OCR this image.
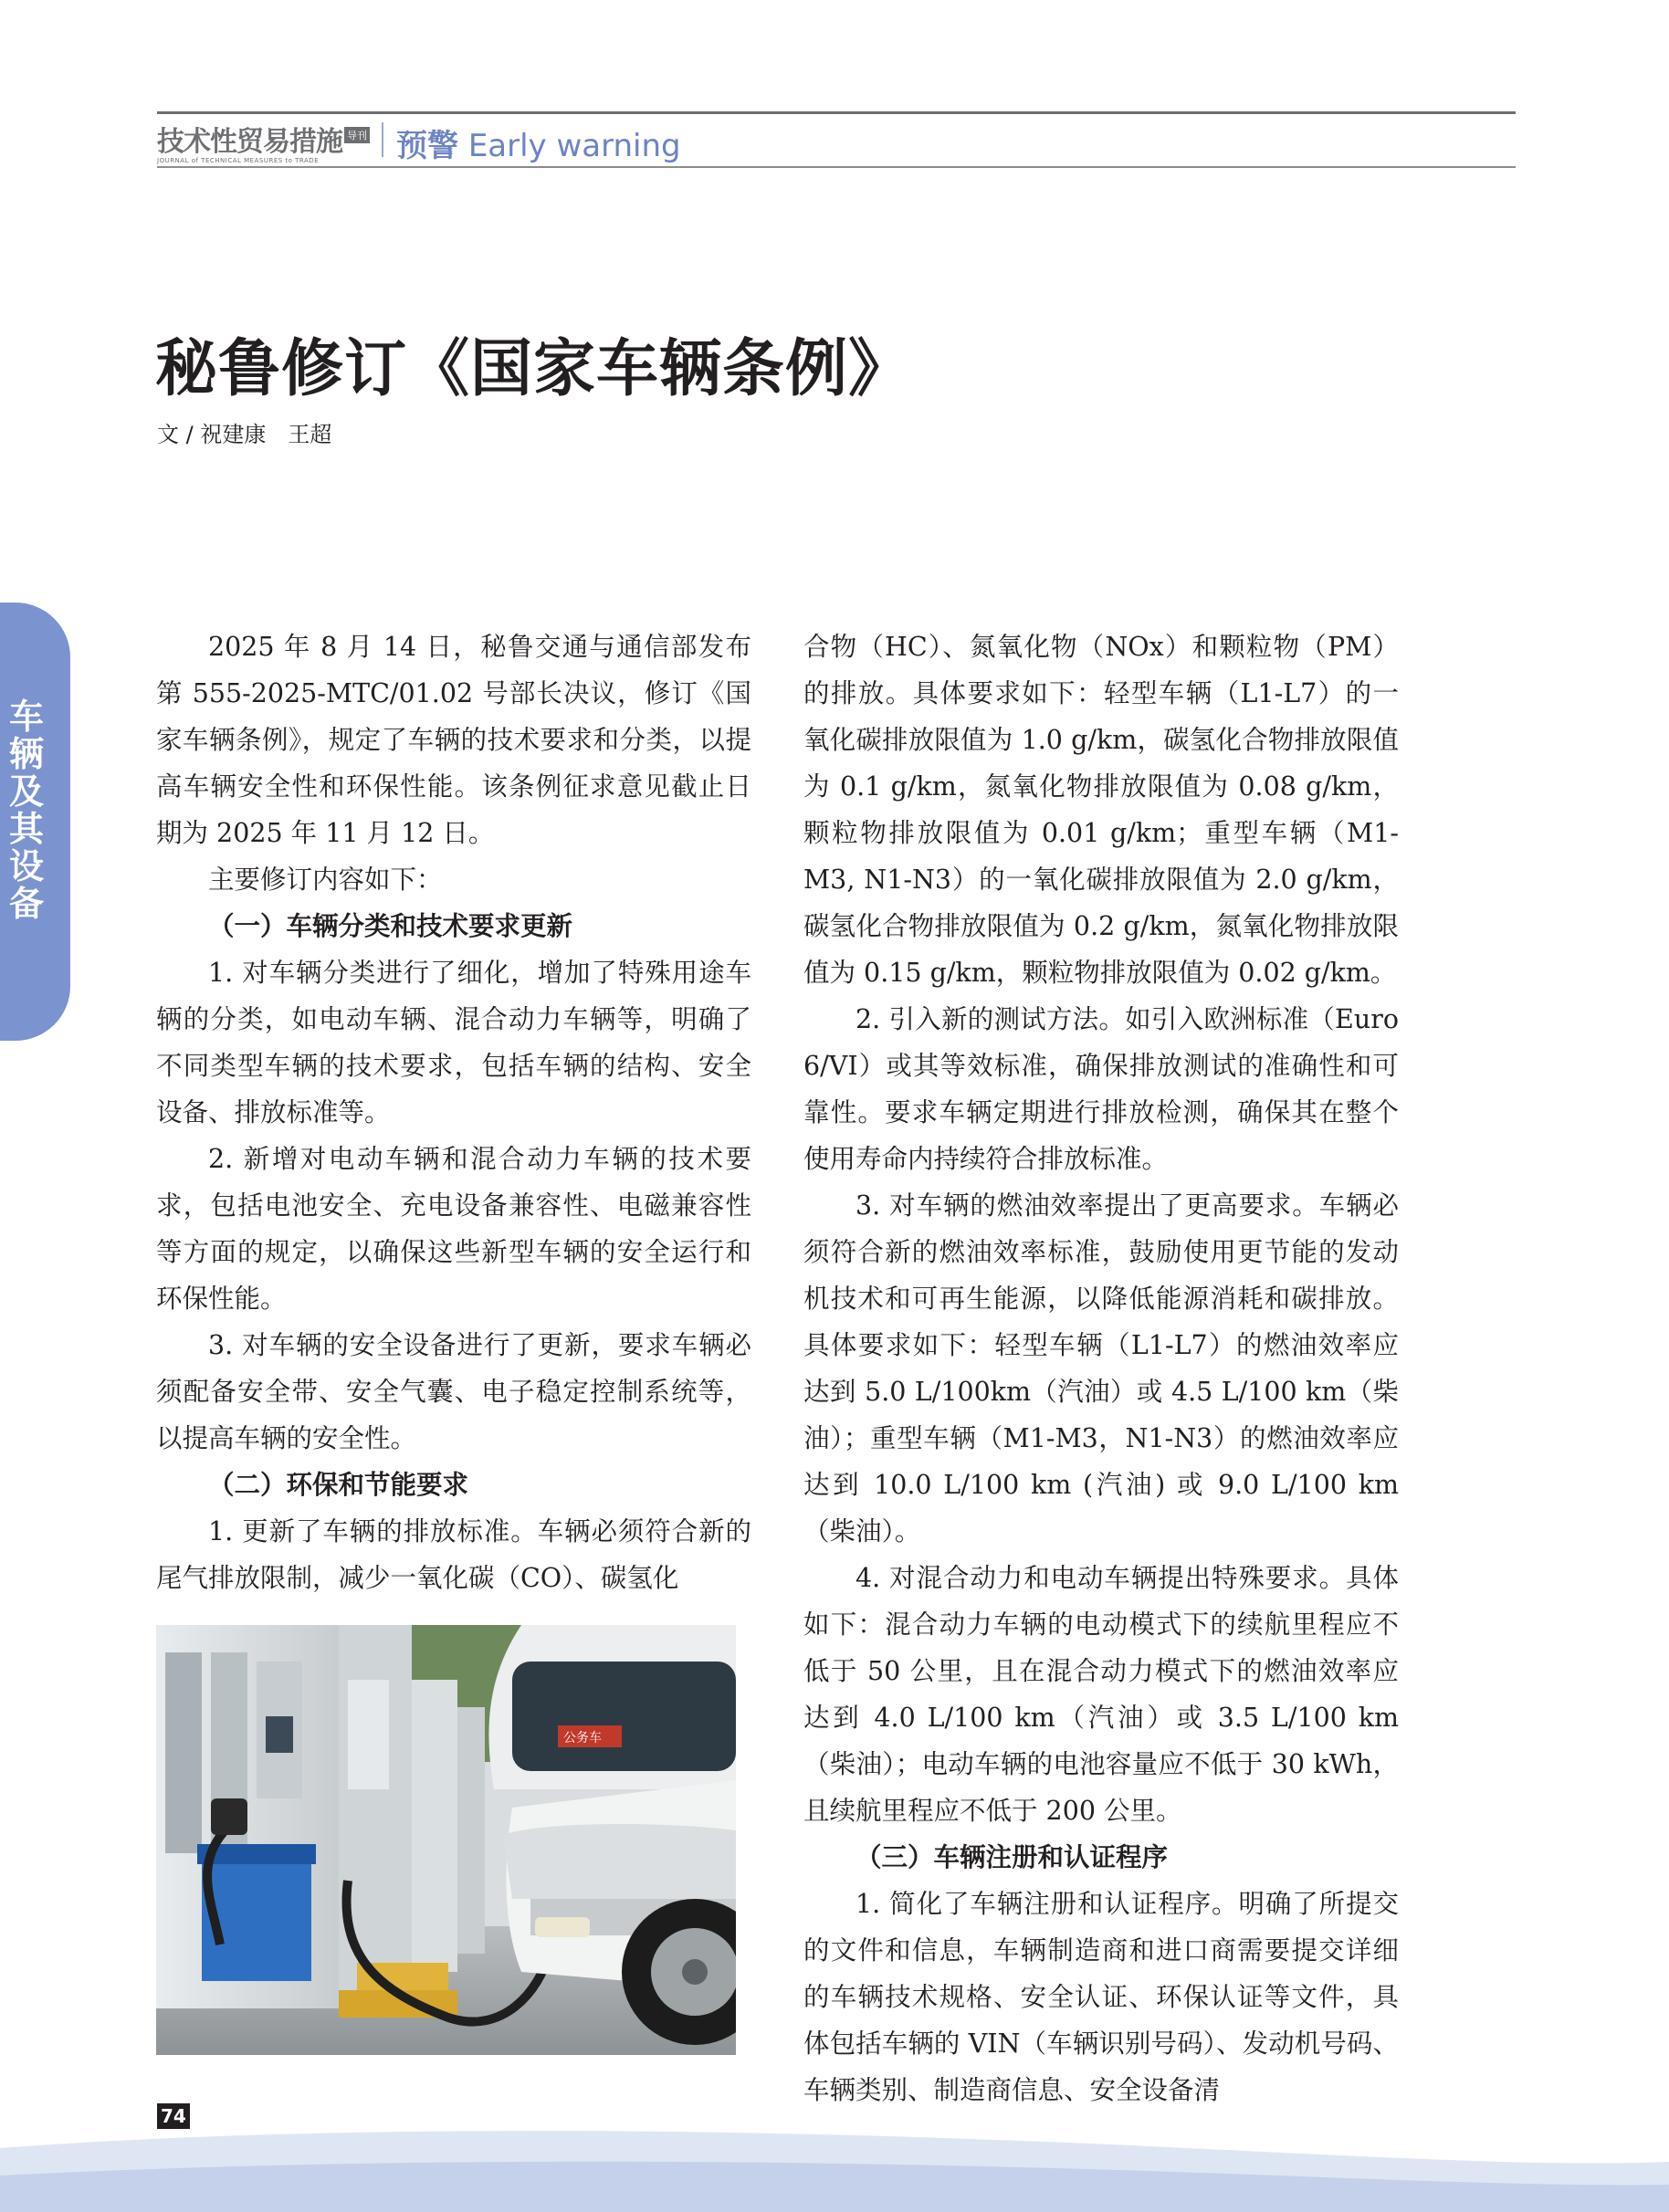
技术性贸易措施 导刊
JOURNAL of TECHNICAL MEASURES to TRADE	预警 Early warning
秘鲁修订《国家车辆条例》
文 / 祝建康　王超
车
辆
及
其
设
备

2025 年 8 月 14 日，秘鲁交通与通信部发布第 555-2025-MTC/01.02 号部长决议，修订《国家车辆条例》，规定了车辆的技术要求和分类，以提高车辆安全性和环保性能。该条例征求意见截止日期为 2025 年 11 月 12 日。

主要修订内容如下：

（一）车辆分类和技术要求更新

1. 对车辆分类进行了细化，增加了特殊用途车辆的分类，如电动车辆、混合动力车辆等，明确了不同类型车辆的技术要求，包括车辆的结构、安全设备、排放标准等。

2. 新增对电动车辆和混合动力车辆的技术要求，包括电池安全、充电设备兼容性、电磁兼容性等方面的规定，以确保这些新型车辆的安全运行和环保性能。

3. 对车辆的安全设备进行了更新，要求车辆必须配备安全带、安全气囊、电子稳定控制系统等，以提高车辆的安全性。

（二）环保和节能要求

1. 更新了车辆的排放标准。车辆必须符合新的尾气排放限制，减少一氧化碳（CO）、碳氢化

公务车

合物（HC）、氮氧化物（NOx）和颗粒物（PM）的排放。具体要求如下：轻型车辆（L1-L7）的一氧化碳排放限值为 1.0 g/km，碳氢化合物排放限值为 0.1 g/km，氮氧化物排放限值为 0.08 g/km，颗粒物排放限值为 0.01 g/km；重型车辆（M1-M3, N1-N3）的一氧化碳排放限值为 2.0 g/km，碳氢化合物排放限值为 0.2 g/km，氮氧化物排放限值为 0.15 g/km，颗粒物排放限值为 0.02 g/km。

2. 引入新的测试方法。如引入欧洲标准（Euro 6/VI）或其等效标准，确保排放测试的准确性和可靠性。要求车辆定期进行排放检测，确保其在整个使用寿命内持续符合排放标准。

3. 对车辆的燃油效率提出了更高要求。车辆必须符合新的燃油效率标准，鼓励使用更节能的发动机技术和可再生能源，以降低能源消耗和碳排放。具体要求如下：轻型车辆（L1-L7）的燃油效率应达到 5.0 L/100km（汽油）或 4.5 L/100 km（柴油）；重型车辆（M1-M3，N1-N3）的燃油效率应达到 10.0 L/100 km (汽油) 或 9.0 L/100 km（柴油）。

4. 对混合动力和电动车辆提出特殊要求。具体如下：混合动力车辆的电动模式下的续航里程应不低于 50 公里，且在混合动力模式下的燃油效率应达到 4.0 L/100 km（汽油）或 3.5 L/100 km（柴油）；电动车辆的电池容量应不低于 30 kWh，且续航里程应不低于 200 公里。

（三）车辆注册和认证程序

1. 简化了车辆注册和认证程序。明确了所提交的文件和信息，车辆制造商和进口商需要提交详细的车辆技术规格、安全认证、环保认证等文件，具体包括车辆的 VIN（车辆识别号码）、发动机号码、车辆类别、制造商信息、安全设备清

74
